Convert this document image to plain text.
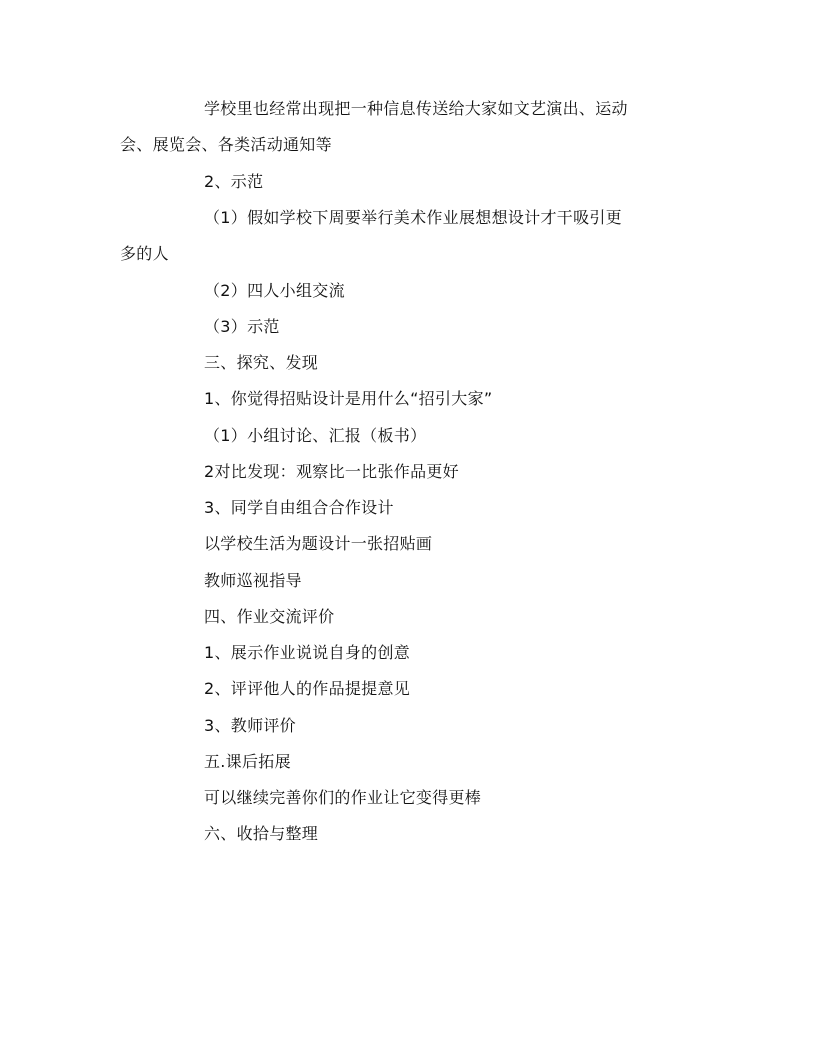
学校里也经常出现把一种信息传送给大家如文艺演出、运动
会、展览会、各类活动通知等
2、示范
（1）假如学校下周要举行美术作业展想想设计才干吸引更
多的人
（2）四人小组交流
（3）示范
三、探究、发现
1、你觉得招贴设计是用什么“招引大家”
（1）小组讨论、汇报（板书）
2对比发现：观察比一比张作品更好
3、同学自由组合合作设计
以学校生活为题设计一张招贴画
教师巡视指导
四、作业交流评价
1、展示作业说说自身的创意
2、评评他人的作品提提意见
3、教师评价
五.课后拓展
可以继续完善你们的作业让它变得更棒
六、收拾与整理
